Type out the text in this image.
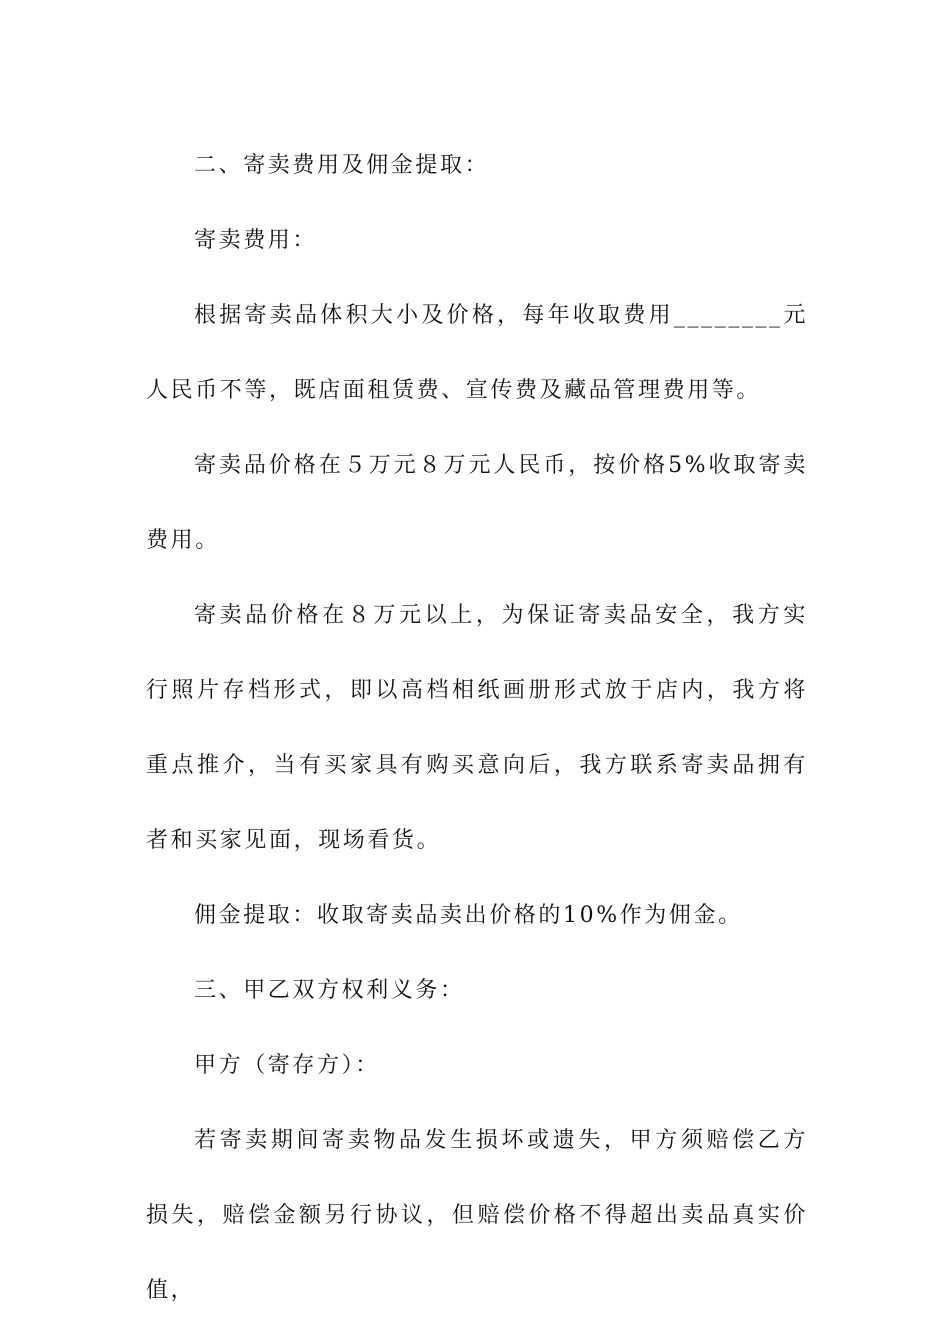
二、寄卖费用及佣金提取：

寄卖费用：

根据寄卖品体积大小及价格，每年收取费用________元人民币不等，既店面租赁费、宣传费及藏品管理费用等。

寄卖品价格在５万元８万元人民币，按价格5%收取寄卖费用。

寄卖品价格在８万元以上，为保证寄卖品安全，我方实行照片存档形式，即以高档相纸画册形式放于店内，我方将重点推介，当有买家具有购买意向后，我方联系寄卖品拥有者和买家见面，现场看货。

佣金提取：收取寄卖品卖出价格的10%作为佣金。

三、甲乙双方权利义务：

甲方（寄存方）：

若寄卖期间寄卖物品发生损坏或遗失，甲方须赔偿乙方损失，赔偿金额另行协议，但赔偿价格不得超出卖品真实价值，
